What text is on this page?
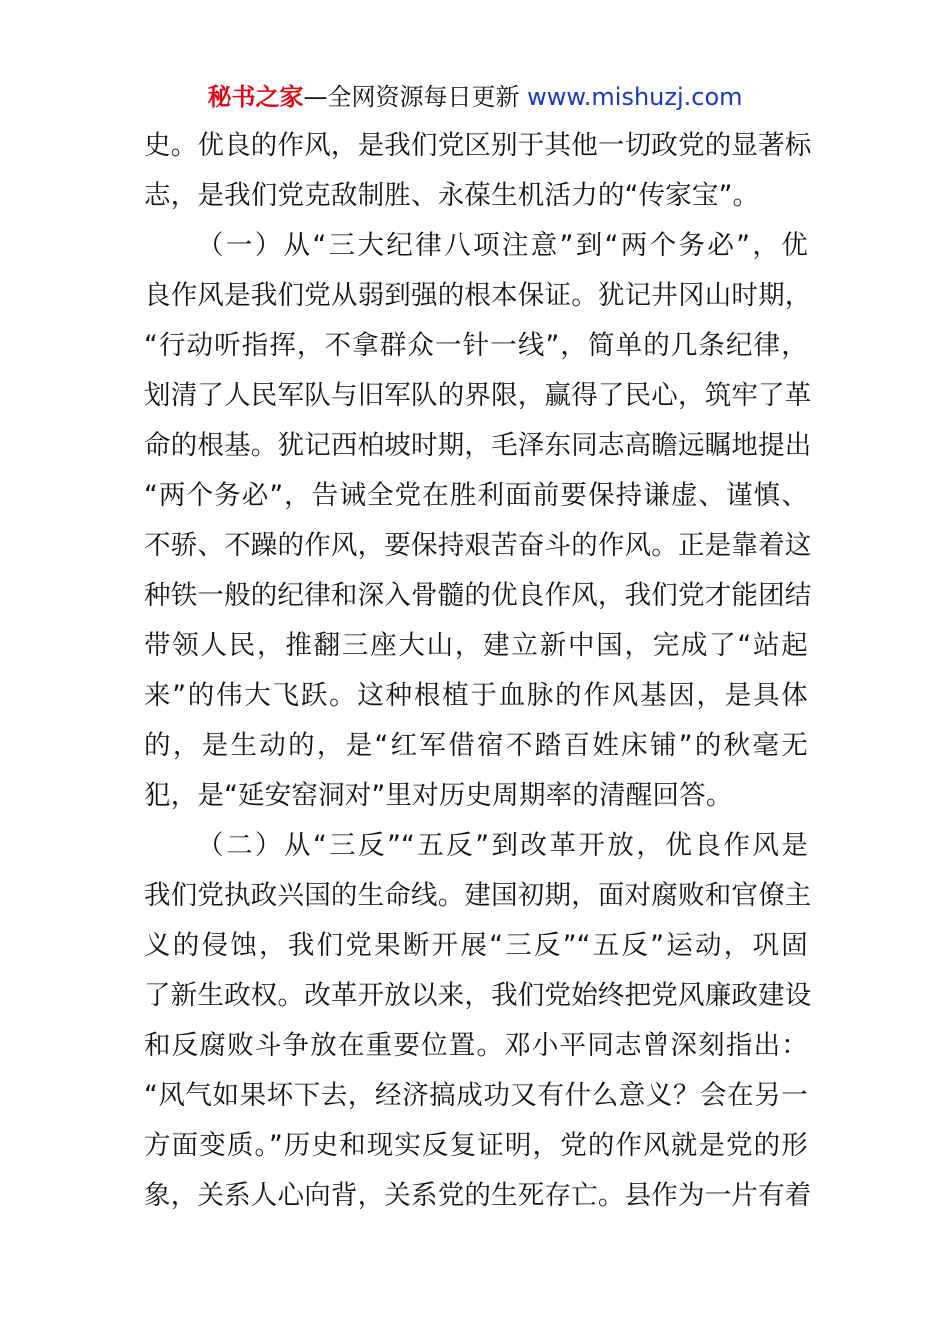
秘书之家—全网资源每日更新 www.mishuzj.com
史。优良的作风，是我们党区别于其他一切政党的显著标
志，是我们党克敌制胜、永葆生机活力的“传家宝”。
（一）从“三大纪律八项注意”到“两个务必”，优
良作风是我们党从弱到强的根本保证。犹记井冈山时期，
“行动听指挥，不拿群众一针一线”，简单的几条纪律，
划清了人民军队与旧军队的界限，赢得了民心，筑牢了革
命的根基。犹记西柏坡时期，毛泽东同志高瞻远瞩地提出
“两个务必”，告诫全党在胜利面前要保持谦虚、谨慎、
不骄、不躁的作风，要保持艰苦奋斗的作风。正是靠着这
种铁一般的纪律和深入骨髓的优良作风，我们党才能团结
带领人民，推翻三座大山，建立新中国，完成了“站起
来”的伟大飞跃。这种根植于血脉的作风基因，是具体
的，是生动的，是“红军借宿不踏百姓床铺”的秋毫无
犯，是“延安窑洞对”里对历史周期率的清醒回答。
（二）从“三反”“五反”到改革开放，优良作风是
我们党执政兴国的生命线。建国初期，面对腐败和官僚主
义的侵蚀，我们党果断开展“三反”“五反”运动，巩固
了新生政权。改革开放以来，我们党始终把党风廉政建设
和反腐败斗争放在重要位置。邓小平同志曾深刻指出：
“风气如果坏下去，经济搞成功又有什么意义？会在另一
方面变质。”历史和现实反复证明，党的作风就是党的形
象，关系人心向背，关系党的生死存亡。县作为一片有着
